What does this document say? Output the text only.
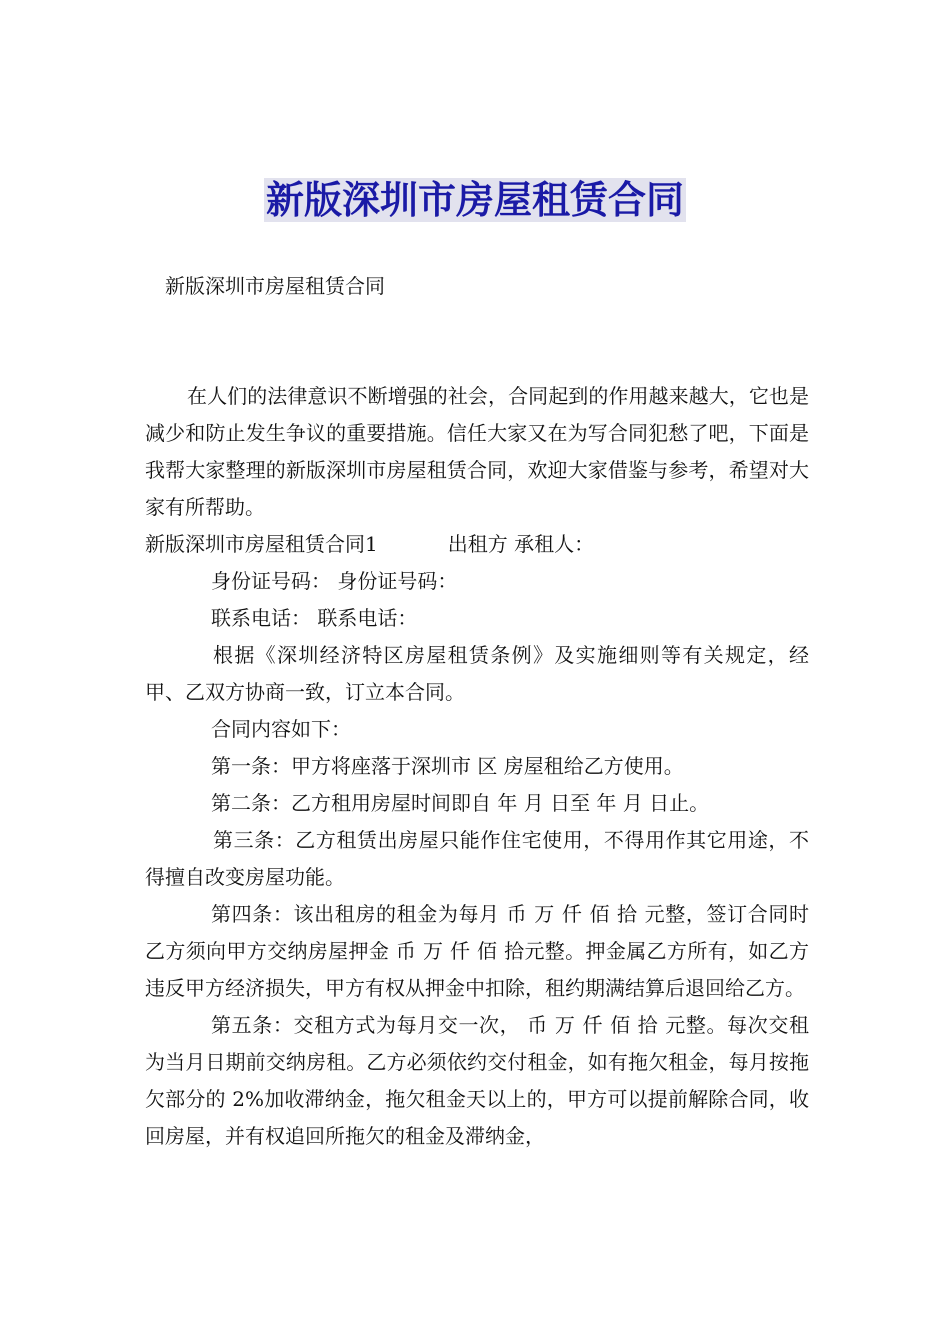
新版深圳市房屋租赁合同
新版深圳市房屋租赁合同

在人们的法律意识不断增强的社会，合同起到的作用越来越大，它也是减少和防止发生争议的重要措施。信任大家又在为写合同犯愁了吧，下面是我帮大家整理的新版深圳市房屋租赁合同，欢迎大家借鉴与参考，希望对大家有所帮助。

新版深圳市房屋租赁合同1	出租方 承租人：

身份证号码： 身份证号码：

联系电话： 联系电话：

根据《深圳经济特区房屋租赁条例》及实施细则等有关规定，经甲、乙双方协商一致，订立本合同。

合同内容如下：

第一条：甲方将座落于深圳市 区 房屋租给乙方使用。

第二条：乙方租用房屋时间即自 年 月 日至 年 月 日止。

第三条：乙方租赁出房屋只能作住宅使用，不得用作其它用途，不得擅自改变房屋功能。

第四条：该出租房的租金为每月 币 万 仟 佰 拾 元整，签订合同时乙方须向甲方交纳房屋押金 币 万 仟 佰 拾元整。押金属乙方所有，如乙方违反甲方经济损失，甲方有权从押金中扣除，租约期满结算后退回给乙方。

第五条：交租方式为每月交一次， 币 万 仟 佰 拾 元整。每次交租为当月日期前交纳房租。乙方必须依约交付租金，如有拖欠租金，每月按拖欠部分的 2%加收滞纳金，拖欠租金天以上的，甲方可以提前解除合同，收回房屋，并有权追回所拖欠的租金及滞纳金，
